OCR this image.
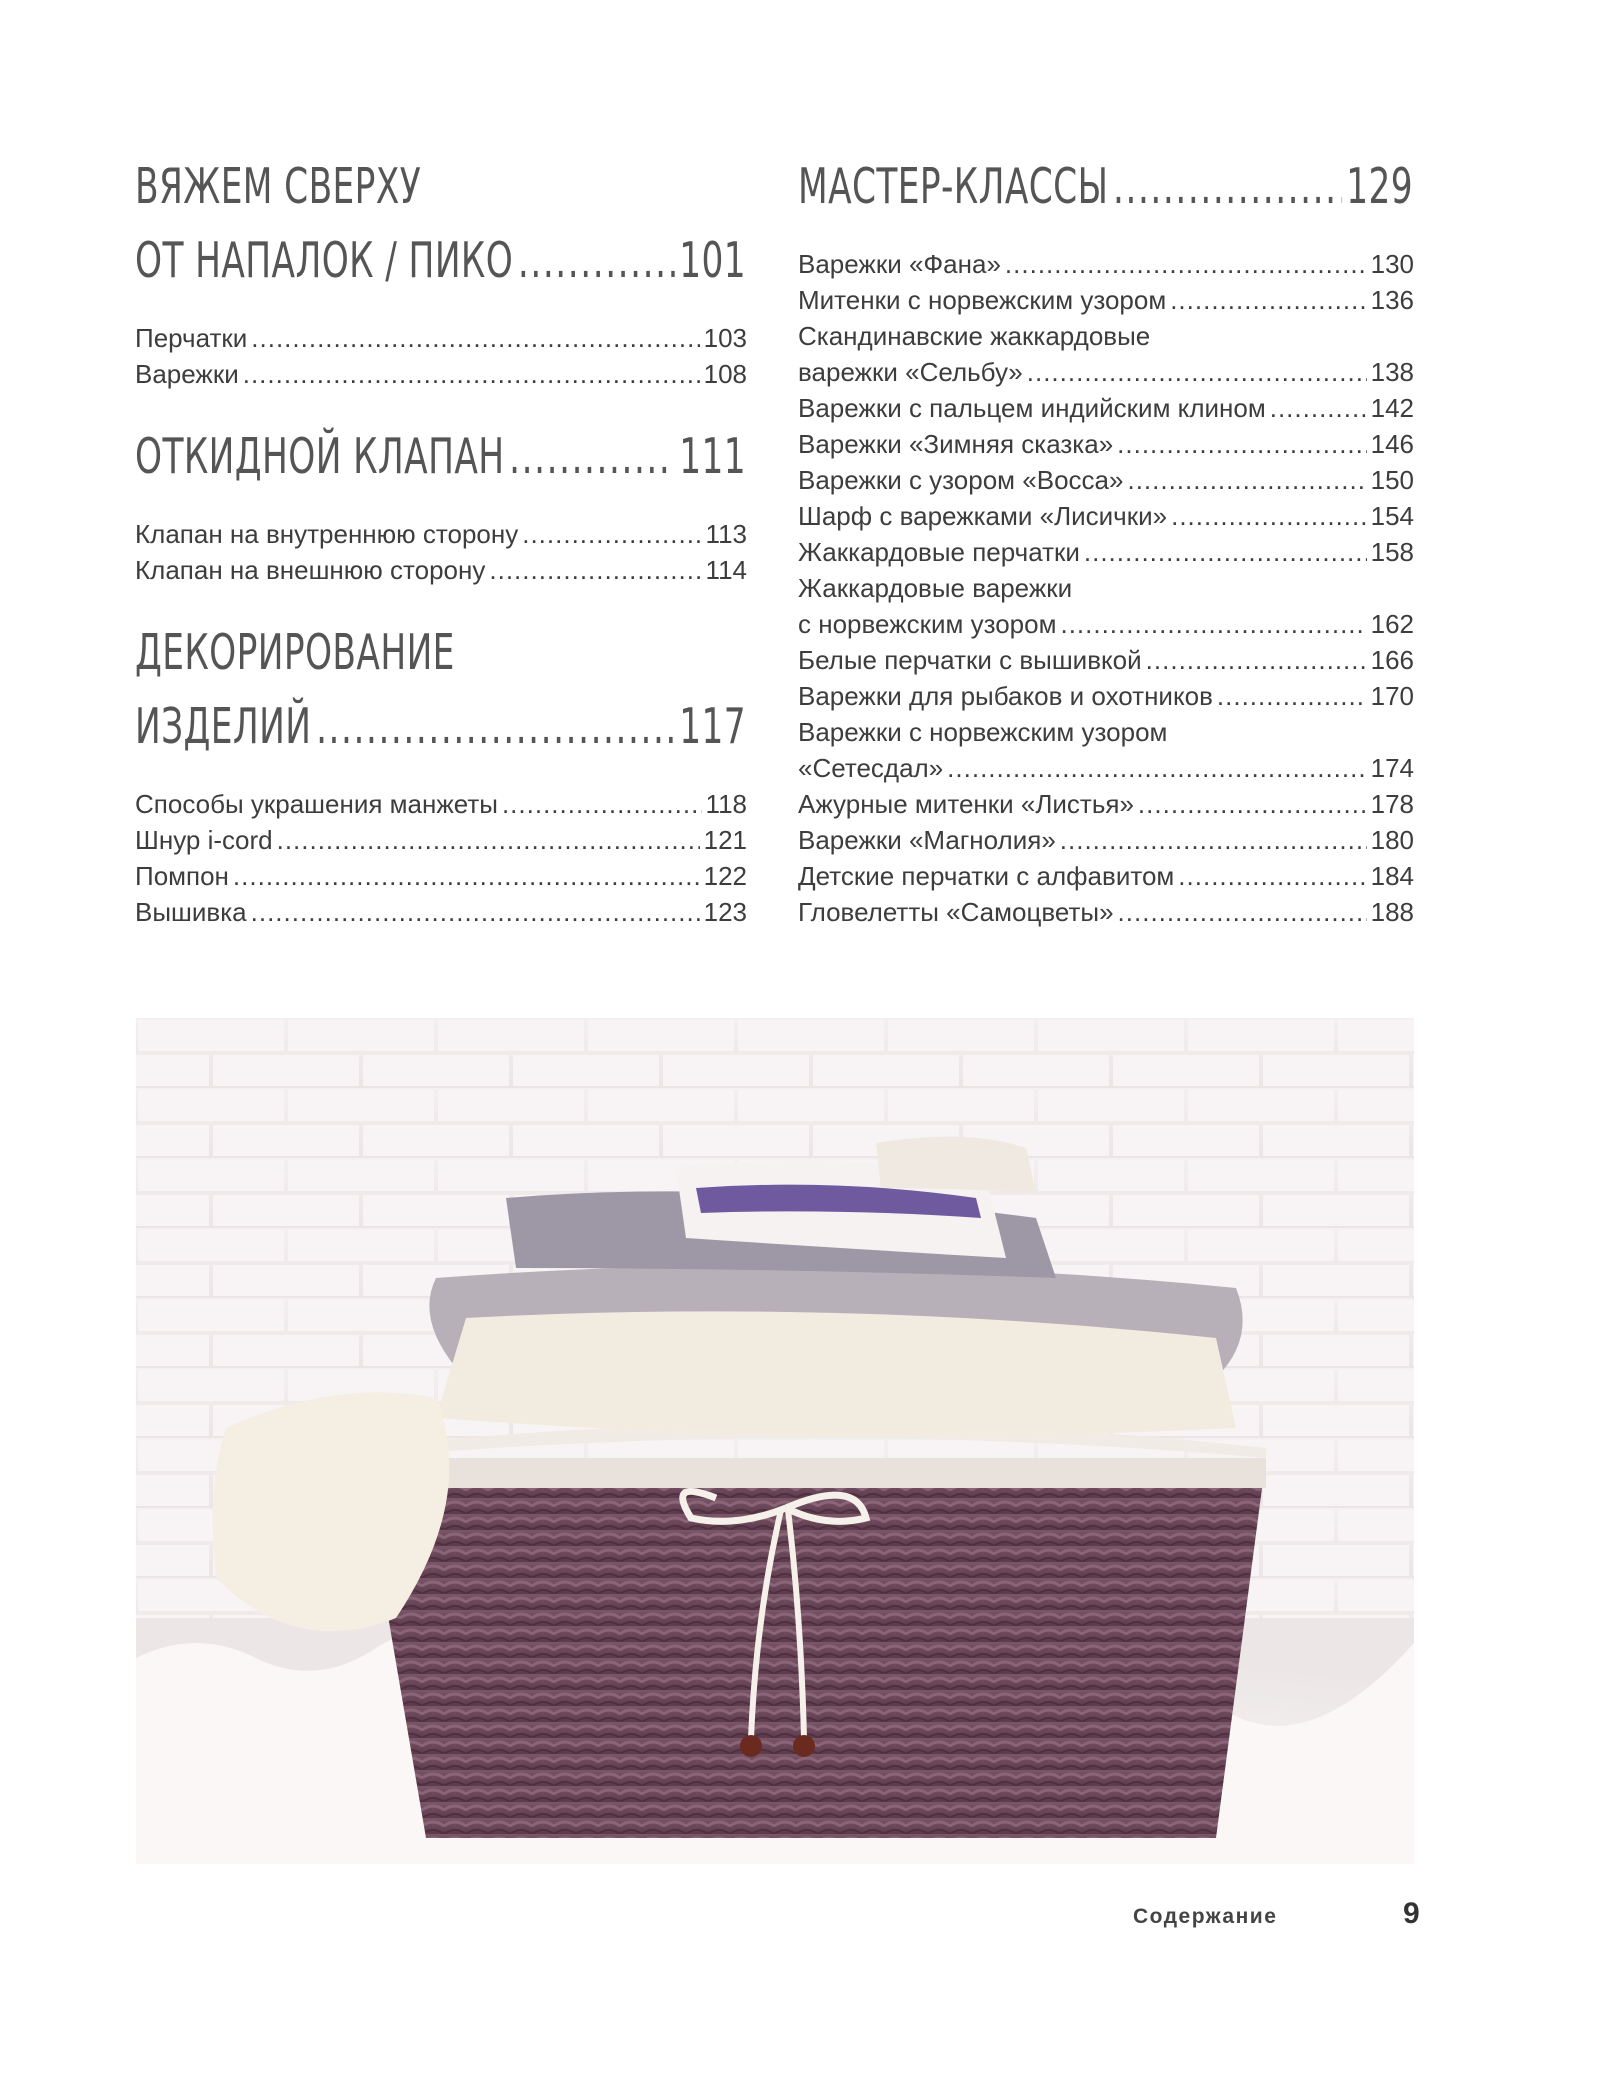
ВЯЖЕМ СВЕРХУ
ОТ НАПАЛОК / ПИКО .....	101
Перчатки .....	103
Варежки .....	108
ОТКИДНОЙ КЛАПАН .....	111
Клапан на внутреннюю сторону .....	113
Клапан на внешнюю сторону .....	114
ДЕКОРИРОВАНИЕ
ИЗДЕЛИЙ .....	117
Способы украшения манжеты .....	118
Шнур i-cord .....	121
Помпон .....	122
Вышивка .....	123
МАСТЕР-КЛАССЫ .....	129
Варежки «Фана» .....	130
Митенки с норвежским узором .....	136
Скандинавские жаккардовые
варежки «Сельбу» .....	138
Варежки с пальцем индийским клином .....	142
Варежки «Зимняя сказка» .....	146
Варежки с узором «Восса» .....	150
Шарф с варежками «Лисички» .....	154
Жаккардовые перчатки .....	158
Жаккардовые варежки
с норвежским узором .....	162
Белые перчатки с вышивкой .....	166
Варежки для рыбаков и охотников .....	170
Варежки с норвежским узором
«Сетесдал» .....	174
Ажурные митенки «Листья» .....	178
Варежки «Магнолия» .....	180
Детские перчатки с алфавитом .....	184
Гловелетты «Самоцветы» .....	188
Содержание	9
